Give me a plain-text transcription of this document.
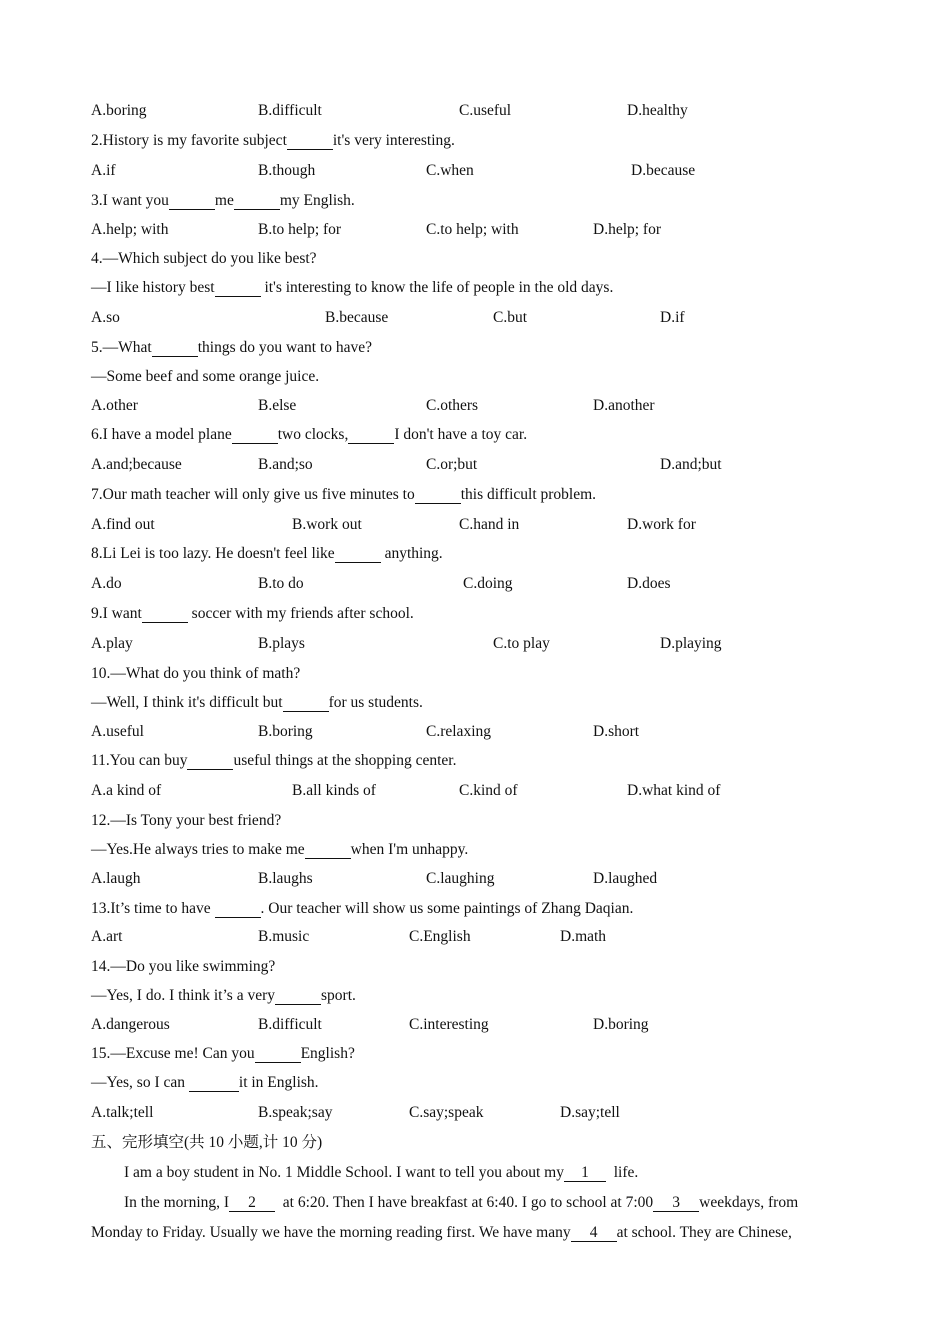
A.boring	B.difficult	C.useful	D.healthy
2.History is my favorite subject	it's very interesting.
A.if	B.though	C.when	D.because
3.I want you	me	my English.
A.help; with	B.to help; for	C.to help; with	D.help; for
4.—Which subject do you like best?
—I like history best	it's interesting to know the life of people in the old days.
A.so	B.because	C.but	D.if
5.—What	things do you want to have?
—Some beef and some orange juice.
A.other	B.else	C.others	D.another
6.I have a model plane	two clocks,	I don't have a toy car.
A.and;because	B.and;so	C.or;but	D.and;but
7.Our math teacher will only give us five minutes to	this difficult problem.
A.find out	B.work out	C.hand in	D.work for
8.Li Lei is too lazy. He doesn't feel like	anything.
A.do	B.to do	C.doing	D.does
9.I want	soccer with my friends after school.
A.play	B.plays	C.to play	D.playing
10.—What do you think of math?
—Well, I think it's difficult but	for us students.
A.useful	B.boring	C.relaxing	D.short
11.You can buy	useful things at the shopping center.
A.a kind of	B.all kinds of	C.kind of	D.what kind of
12.—Is Tony your best friend?
—Yes.He always tries to make me	when I'm unhappy.
A.laugh	B.laughs	C.laughing	D.laughed
13.It’s time to have	. Our teacher will show us some paintings of Zhang Daqian.
A.art	B.music	C.English	D.math
14.—Do you like swimming?
—Yes, I do. I think it’s a very	sport.
A.dangerous	B.difficult	C.interesting	D.boring
15.—Excuse me! Can you	English?
—Yes, so I can	it in English.
A.talk;tell	B.speak;say	C.say;speak	D.say;tell
五、完形填空(共 10 小题,计 10 分)
I am a boy student in No. 1 Middle School. I want to tell you about my 1  life.
In the morning, I 2  at 6:20. Then I have breakfast at 6:40. I go to school at 7:00 3 weekdays, from
Monday to Friday. Usually we have the morning reading first. We have many 4 at school. They are Chinese,
